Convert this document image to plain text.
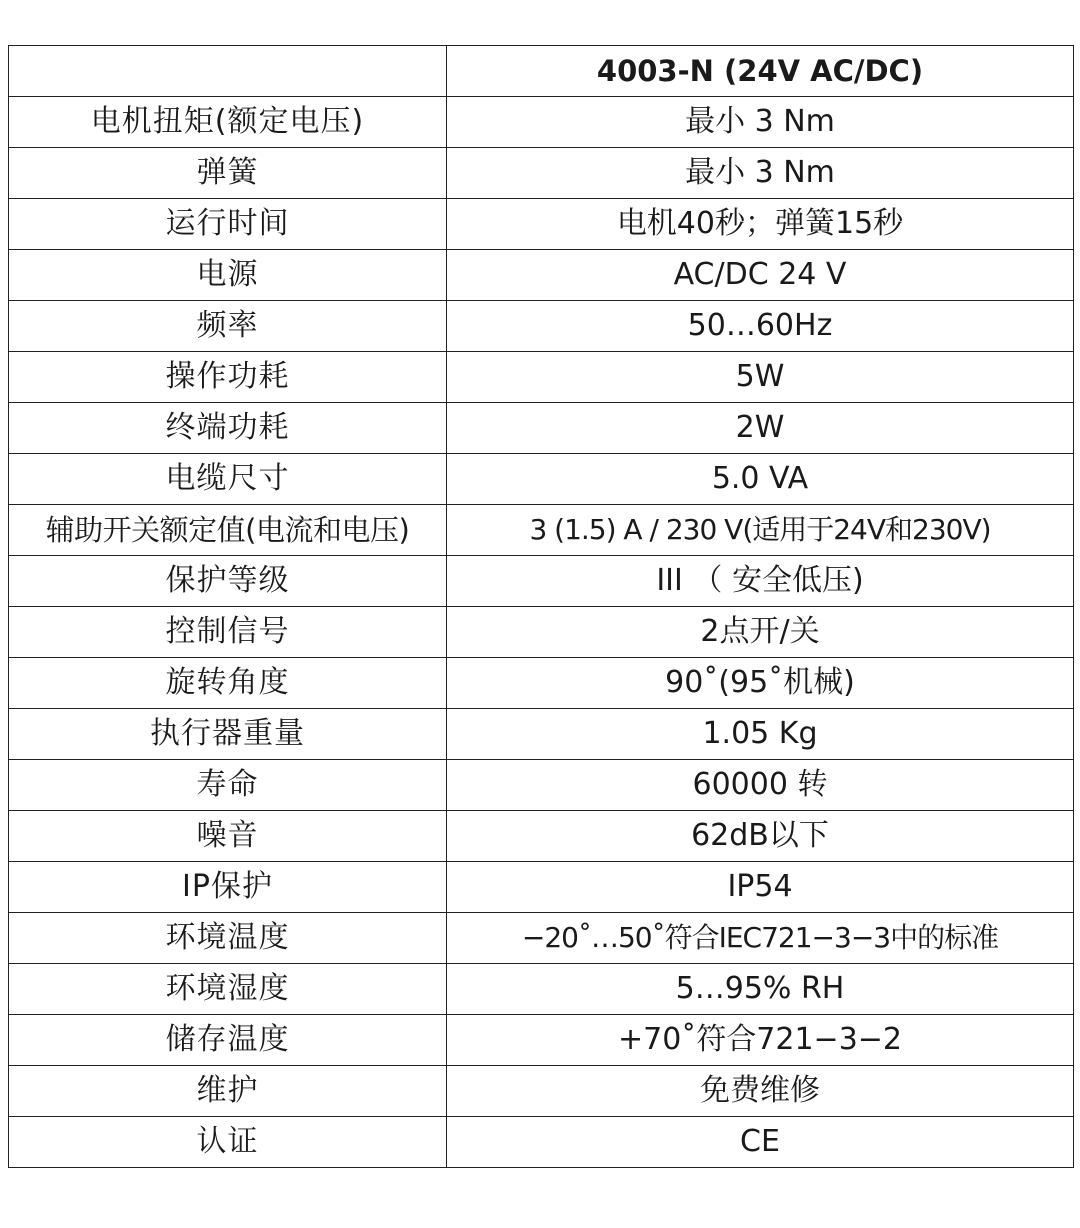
	4003-N (24V AC/DC)
电机扭矩(额定电压)	最小 3 Nm
弹簧	最小 3 Nm
运行时间	电机40秒；弹簧15秒
电源	AC/DC 24 V
频率	50…60Hz
操作功耗	5W
终端功耗	2W
电缆尺寸	5.0 VA
辅助开关额定值(电流和电压)	3 (1.5) A / 230 V(适用于24V和230V)
保护等级	III （ 安全低压)
控制信号	2点开/关
旋转角度	90˚(95˚机械)
执行器重量	1.05 Kg
寿命	60000 转
噪音	62dB以下
IP保护	IP54
环境温度	−20˚…50˚符合IEC721−3−3中的标准
环境湿度	5…95% RH
储存温度	+70˚符合721−3−2
维护	免费维修
认证	CE
